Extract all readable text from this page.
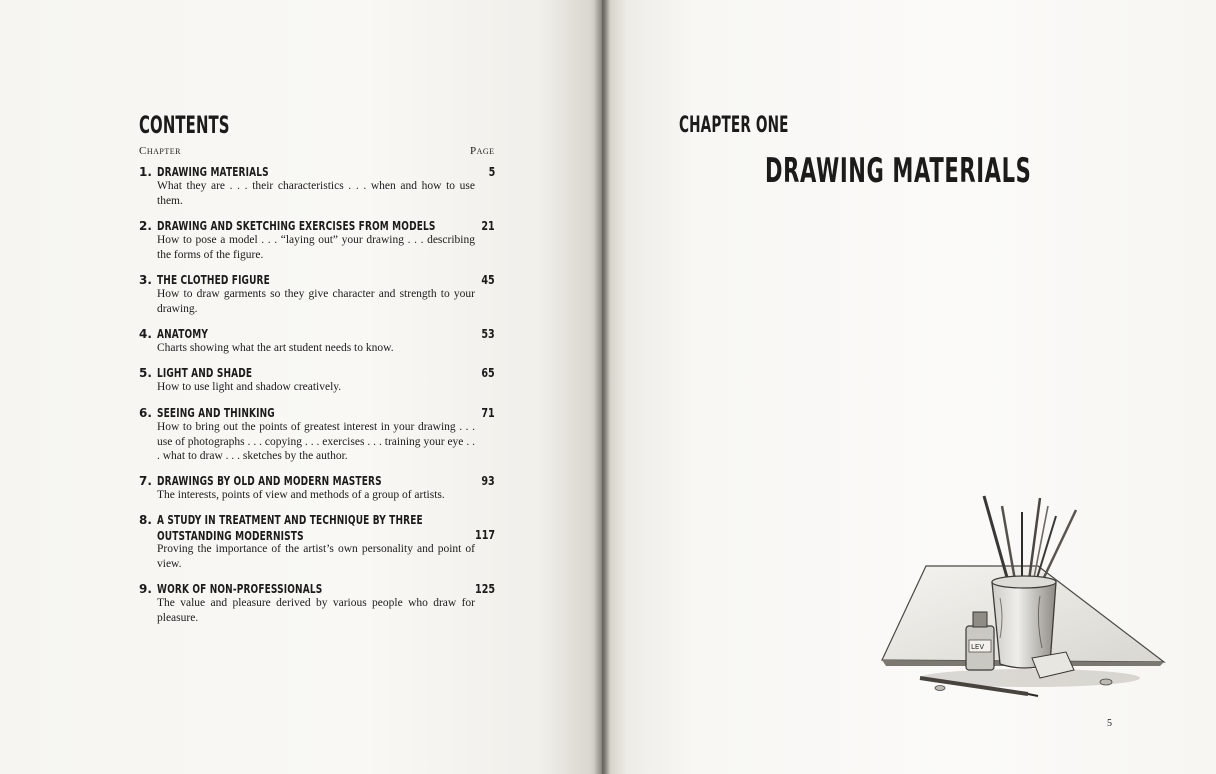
CONTENTS
Chapter	Page
1. DRAWING MATERIALS	5
What they are . . . their characteristics . . . when and how to use them.
2. DRAWING AND SKETCHING EXERCISES FROM MODELS	21
How to pose a model . . . “laying out” your drawing . . . describing the forms of the figure.
3. THE CLOTHED FIGURE	45
How to draw garments so they give character and strength to your drawing.
4. ANATOMY	53
Charts showing what the art student needs to know.
5. LIGHT AND SHADE	65
How to use light and shadow creatively.
6. SEEING AND THINKING	71
How to bring out the points of greatest interest in your drawing . . . use of photographs . . . copying . . . exercises . . . training your eye . . . what to draw . . . sketches by the author.
7. DRAWINGS BY OLD AND MODERN MASTERS	93
The interests, points of view and methods of a group of artists.
8. A STUDY IN TREATMENT AND TECHNIQUE BY THREE OUTSTANDING MODERNISTS	117
Proving the importance of the artist’s own personality and point of view.
9. WORK OF NON-PROFESSIONALS	125
The value and pleasure derived by various people who draw for pleasure.
CHAPTER ONE
DRAWING MATERIALS
LEV
5
